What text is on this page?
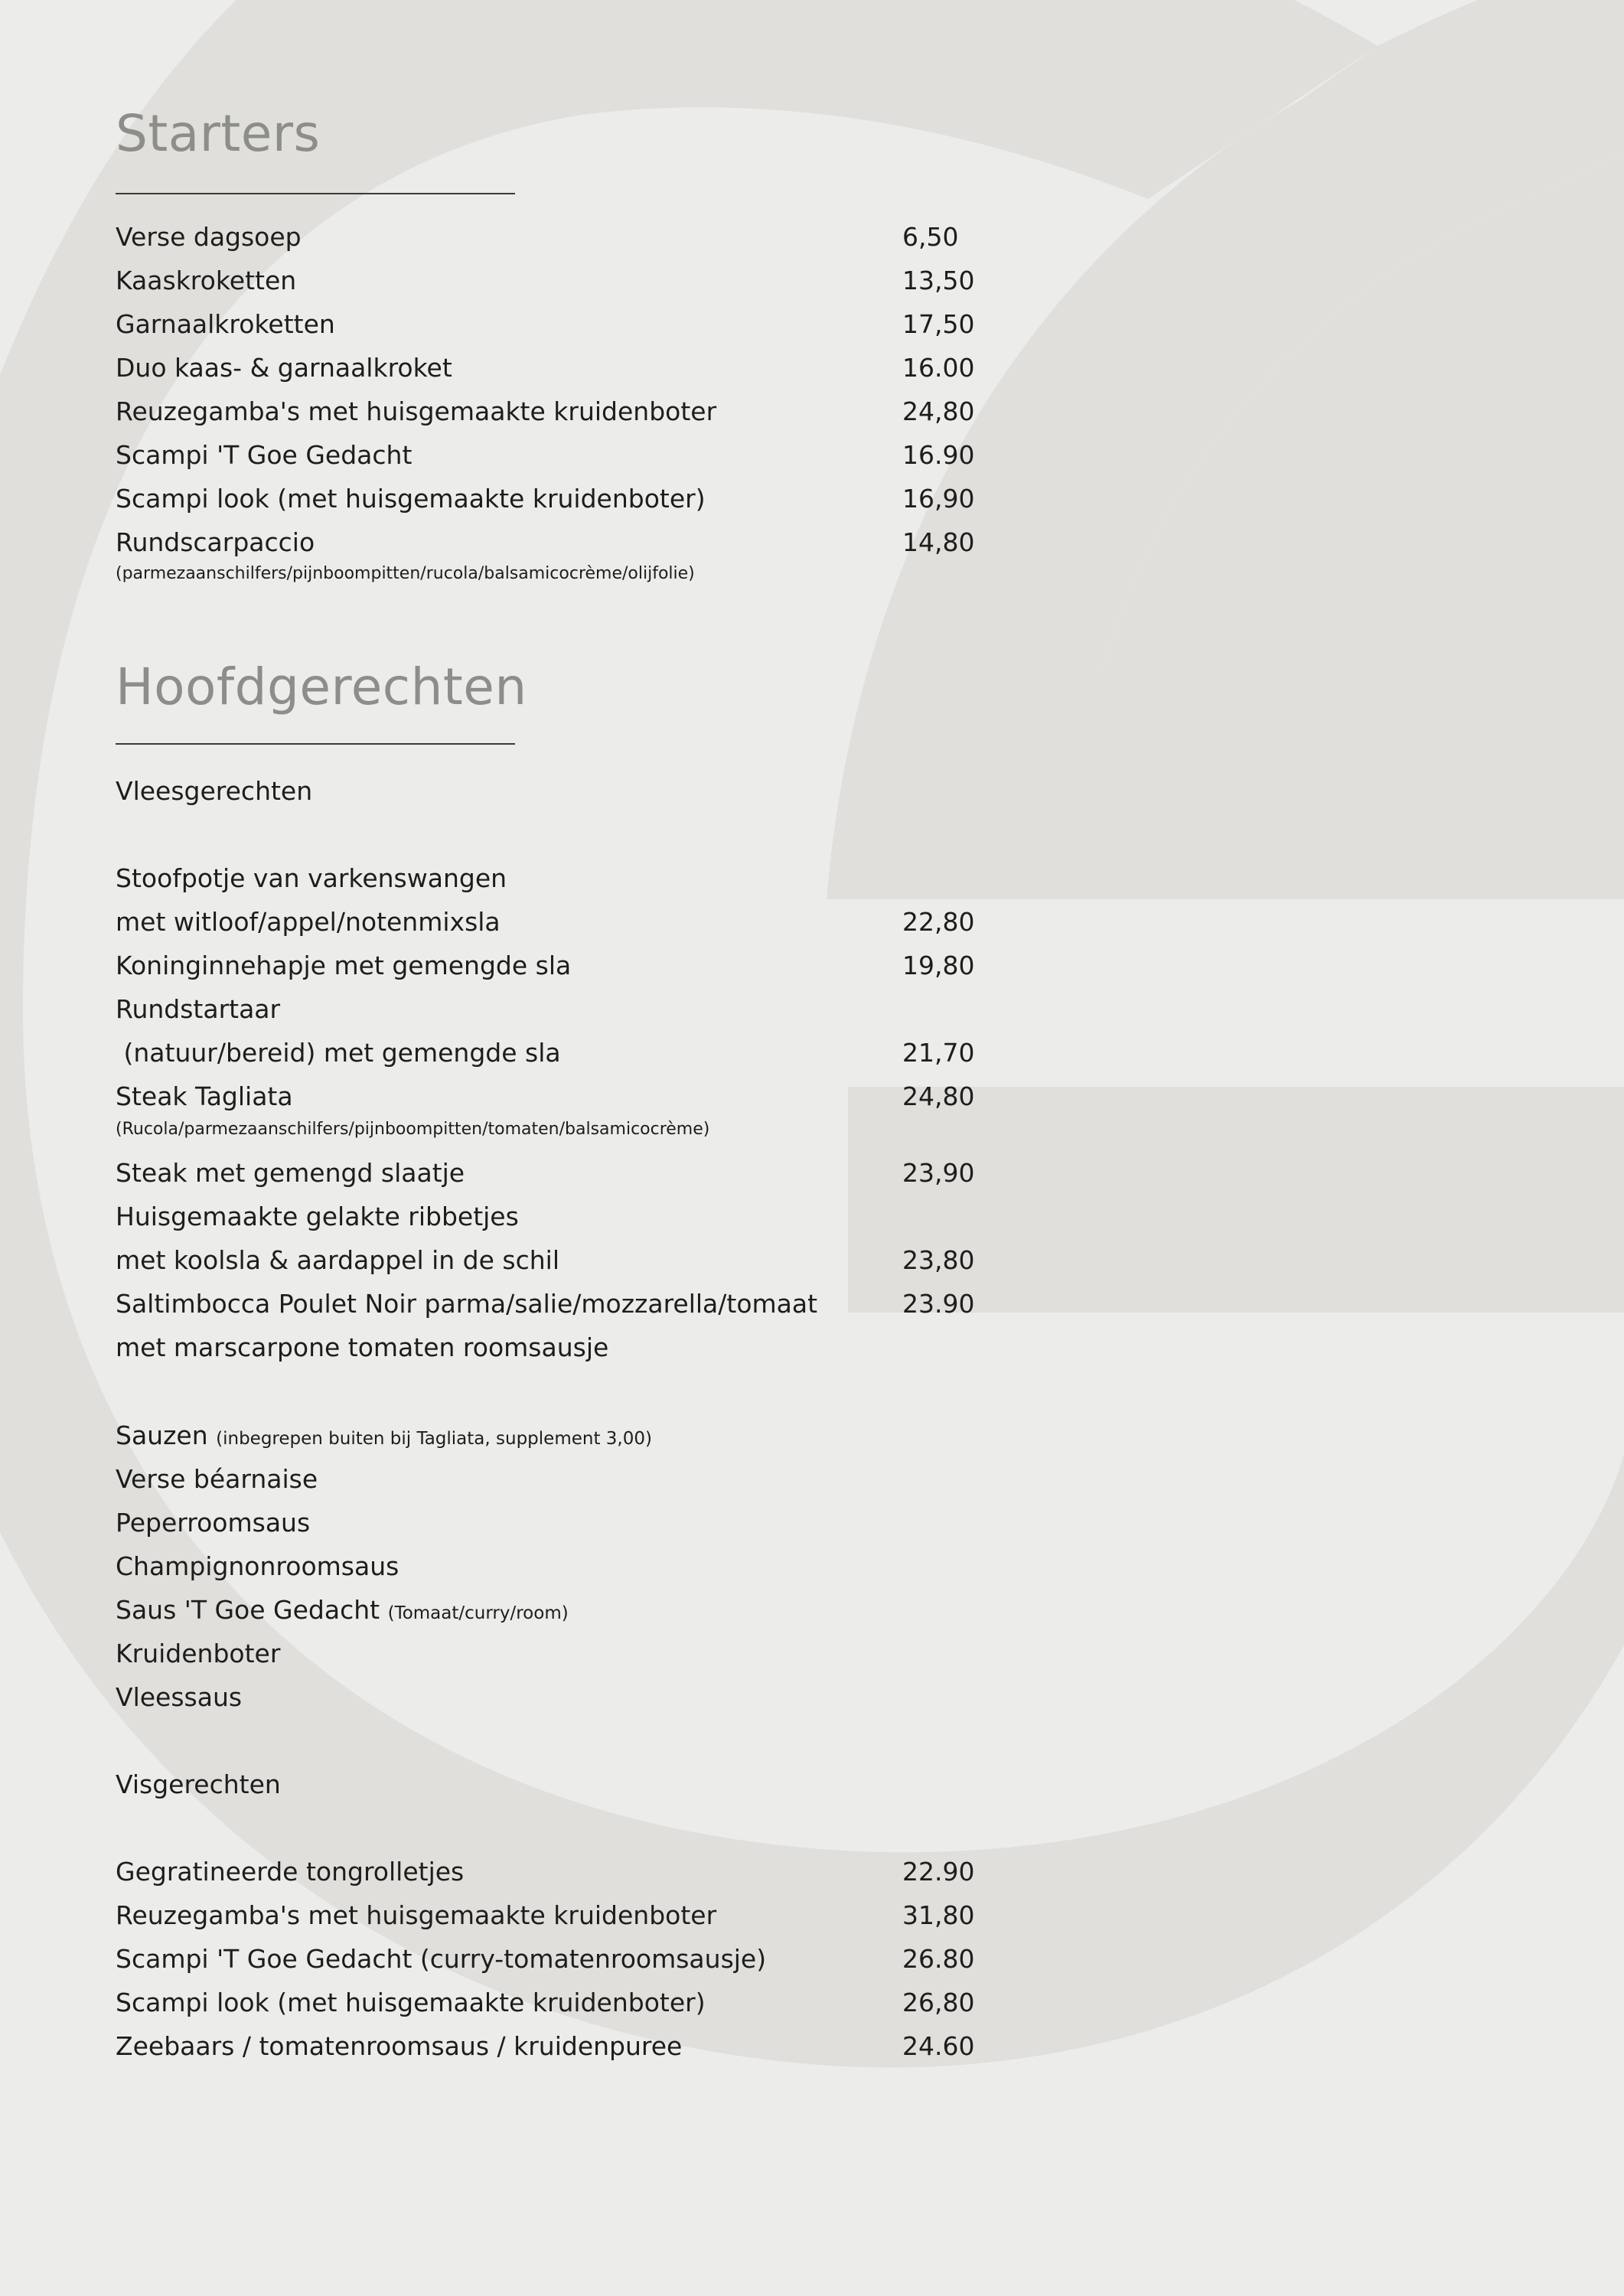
Starters
Verse dagsoep	6,50
Kaaskroketten	13,50
Garnaalkroketten	17,50
Duo kaas- & garnaalkroket	16.00
Reuzegamba's met huisgemaakte kruidenboter	24,80
Scampi 'T Goe Gedacht	16.90
Scampi look (met huisgemaakte kruidenboter)	16,90
Rundscarpaccio	14,80
(parmezaanschilfers/pijnboompitten/rucola/balsamicocrème/olijfolie)
Hoofdgerechten
Vleesgerechten
Stoofpotje van varkenswangen
met witloof/appel/notenmixsla	22,80
Koninginnehapje met gemengde sla	19,80
Rundstartaar
(natuur/bereid) met gemengde sla	21,70
Steak Tagliata	24,80
(Rucola/parmezaanschilfers/pijnboompitten/tomaten/balsamicocrème)
Steak met gemengd slaatje	23,90
Huisgemaakte gelakte ribbetjes
met koolsla & aardappel in de schil	23,80
Saltimbocca Poulet Noir parma/salie/mozzarella/tomaat	23.90
met marscarpone tomaten roomsausje
Sauzen (inbegrepen buiten bij Tagliata, supplement 3,00)
Verse béarnaise
Peperroomsaus
Champignonroomsaus
Saus 'T Goe Gedacht (Tomaat/curry/room)
Kruidenboter
Vleessaus
Visgerechten
Gegratineerde tongrolletjes	22.90
Reuzegamba's met huisgemaakte kruidenboter	31,80
Scampi 'T Goe Gedacht (curry-tomatenroomsausje)	26.80
Scampi look (met huisgemaakte kruidenboter)	26,80
Zeebaars / tomatenroomsaus / kruidenpuree	24.60
